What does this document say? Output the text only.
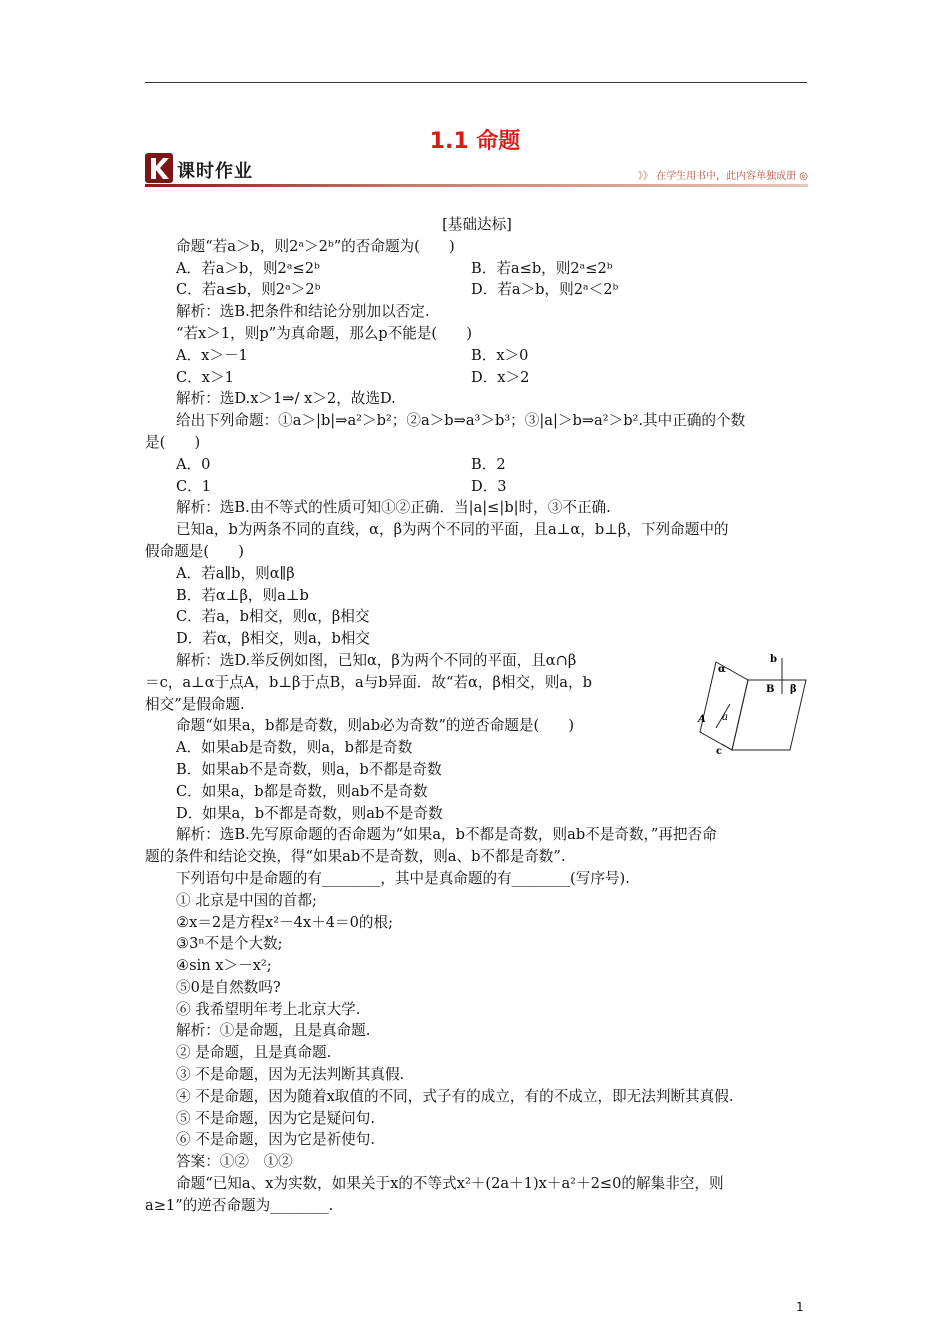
1.1 命题
课时作业	》》 在学生用书中，此内容单独成册 ◎
[基础达标]
命题“若a＞b，则2ᵃ＞2ᵇ”的否命题为(　　)
A．若a＞b，则2ᵃ≤2ᵇ	B．若a≤b，则2ᵃ≤2ᵇ
C．若a≤b，则2ᵃ＞2ᵇ	D．若a＞b，则2ᵃ＜2ᵇ
解析：选B.把条件和结论分别加以否定.
“若x＞1，则p”为真命题，那么p不能是(　　)
A．x＞－1	B．x＞0
C．x＞1	D．x＞2
解析：选D.x＞1⇒/ x＞2，故选D.
给出下列命题：①a＞|b|⇒a²＞b²；②a＞b⇒a³＞b³；③|a|＞b⇒a²＞b².其中正确的个数
是(　　)
A．0	B．2
C．1	D．3
解析：选B.由不等式的性质可知①②正确．当|a|≤|b|时，③不正确.
已知a，b为两条不同的直线，α，β为两个不同的平面，且a⊥α，b⊥β，下列命题中的
假命题是(　　)
A．若a∥b，则α∥β
B．若α⊥β，则a⊥b
C．若a，b相交，则α，β相交
D．若α，β相交，则a，b相交
解析：选D.举反例如图，已知α，β为两个不同的平面，且α∩β
＝c，a⊥α于点A，b⊥β于点B，a与b异面．故“若α，β相交，则a，b
相交”是假命题.
命题“如果a，b都是奇数，则ab必为奇数”的逆否命题是(　　)
A．如果ab是奇数，则a，b都是奇数
B．如果ab不是奇数，则a，b不都是奇数
C．如果a，b都是奇数，则ab不是奇数
D．如果a，b不都是奇数，则ab不是奇数
解析：选B.先写原命题的否命题为“如果a，b不都是奇数，则ab不是奇数，”再把否命
题的条件和结论交换，得“如果ab不是奇数，则a、b不都是奇数”.
下列语句中是命题的有________，其中是真命题的有________(写序号).
① 北京是中国的首都;
②x＝2是方程x²－4x＋4＝0的根;
③3ⁿ不是个大数;
④sin x＞－x²;
⑤0是自然数吗?
⑥ 我希望明年考上北京大学.
解析：①是命题，且是真命题.
② 是命题，且是真命题.
③ 不是命题，因为无法判断其真假.
④ 不是命题，因为随着x取值的不同，式子有的成立，有的不成立，即无法判断其真假.
⑤ 不是命题，因为它是疑问句.
⑥ 不是命题，因为它是祈使句.
答案：①②　①②
命题“已知a、x为实数，如果关于x的不等式x²＋(2a＋1)x＋a²＋2≤0的解集非空，则
a≥1”的逆否命题为________.
α
b
B β
A a
c
1
